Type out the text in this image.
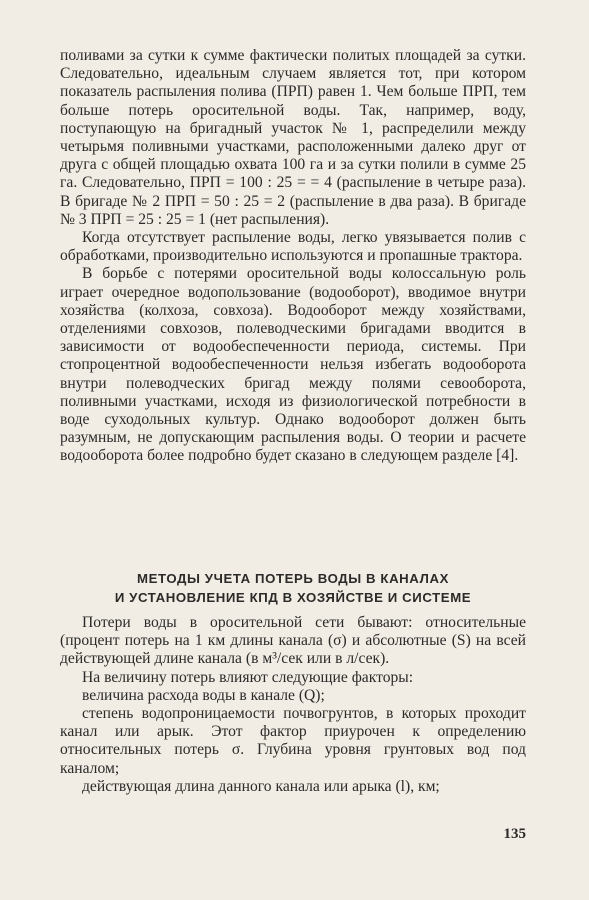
поливами за сутки к сумме фактически политых площадей за сутки. Следовательно, идеальным случаем является тот, при котором показатель распыления полива (ПРП) равен 1. Чем больше ПРП, тем больше потерь оросительной воды. Так, например, воду, поступающую на бригадный участок № 1, распределили между четырьмя поливными участками, расположенными далеко друг от друга с общей площадью охвата 100 га и за сутки полили в сумме 25 га. Следовательно, ПРП = 100 : 25 = = 4 (распыление в четыре раза). В бригаде № 2 ПРП = 50 : 25 = 2 (распыление в два раза). В бригаде № 3 ПРП = 25 : 25 = 1 (нет распыления).

Когда отсутствует распыление воды, легко увязывается полив с обработками, производительно используются и пропашные трактора.

В борьбе с потерями оросительной воды колоссальную роль играет очередное водопользование (водооборот), вводимое внутри хозяйства (колхоза, совхоза). Водооборот между хозяйствами, отделениями совхозов, полеводческими бригадами вводится в зависимости от водообеспеченности периода, системы. При стопроцентной водообеспеченности нельзя избегать водооборота внутри полеводческих бригад между полями севооборота, поливными участками, исходя из физиологической потребности в воде суходольных культур. Однако водооборот должен быть разумным, не допускающим распыления воды. О теории и расчете водооборота более подробно будет сказано в следующем разделе [4].

МЕТОДЫ УЧЕТА ПОТЕРЬ ВОДЫ В КАНАЛАХ
И УСТАНОВЛЕНИЕ КПД В ХОЗЯЙСТВЕ И СИСТЕМЕ

Потери воды в оросительной сети бывают: относительные (процент потерь на 1 км длины канала (σ) и абсолютные (S) на всей действующей длине канала (в м³/сек или в л/сек).

На величину потерь влияют следующие факторы:

величина расхода воды в канале (Q);

степень водопроницаемости почвогрунтов, в которых проходит канал или арык. Этот фактор приурочен к определению относительных потерь σ. Глубина уровня грунтовых вод под каналом;

действующая длина данного канала или арыка (l), км;

135
